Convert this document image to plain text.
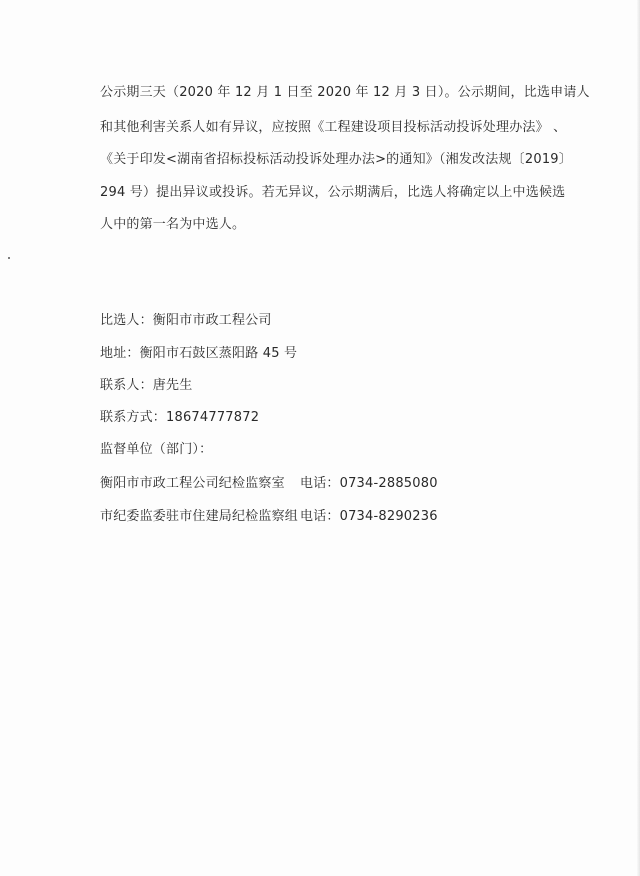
公示期三天（2020 年 12 月 1 日至 2020 年 12 月 3 日）。公示期间，比选申请人
和其他利害关系人如有异议，应按照《工程建设项目投标活动投诉处理办法》 、
《关于印发<湖南省招标投标活动投诉处理办法>的通知》（湘发改法规〔2019〕
294 号）提出异议或投诉。若无异议，公示期满后，比选人将确定以上中选候选
人中的第一名为中选人。
比选人：衡阳市市政工程公司
地址：衡阳市石鼓区蒸阳路 45 号
联系人：唐先生
联系方式：18674777872
监督单位（部门）：
衡阳市市政工程公司纪检监察室 电话：0734-2885080
市纪委监委驻市住建局纪检监察组 电话：0734-8290236
